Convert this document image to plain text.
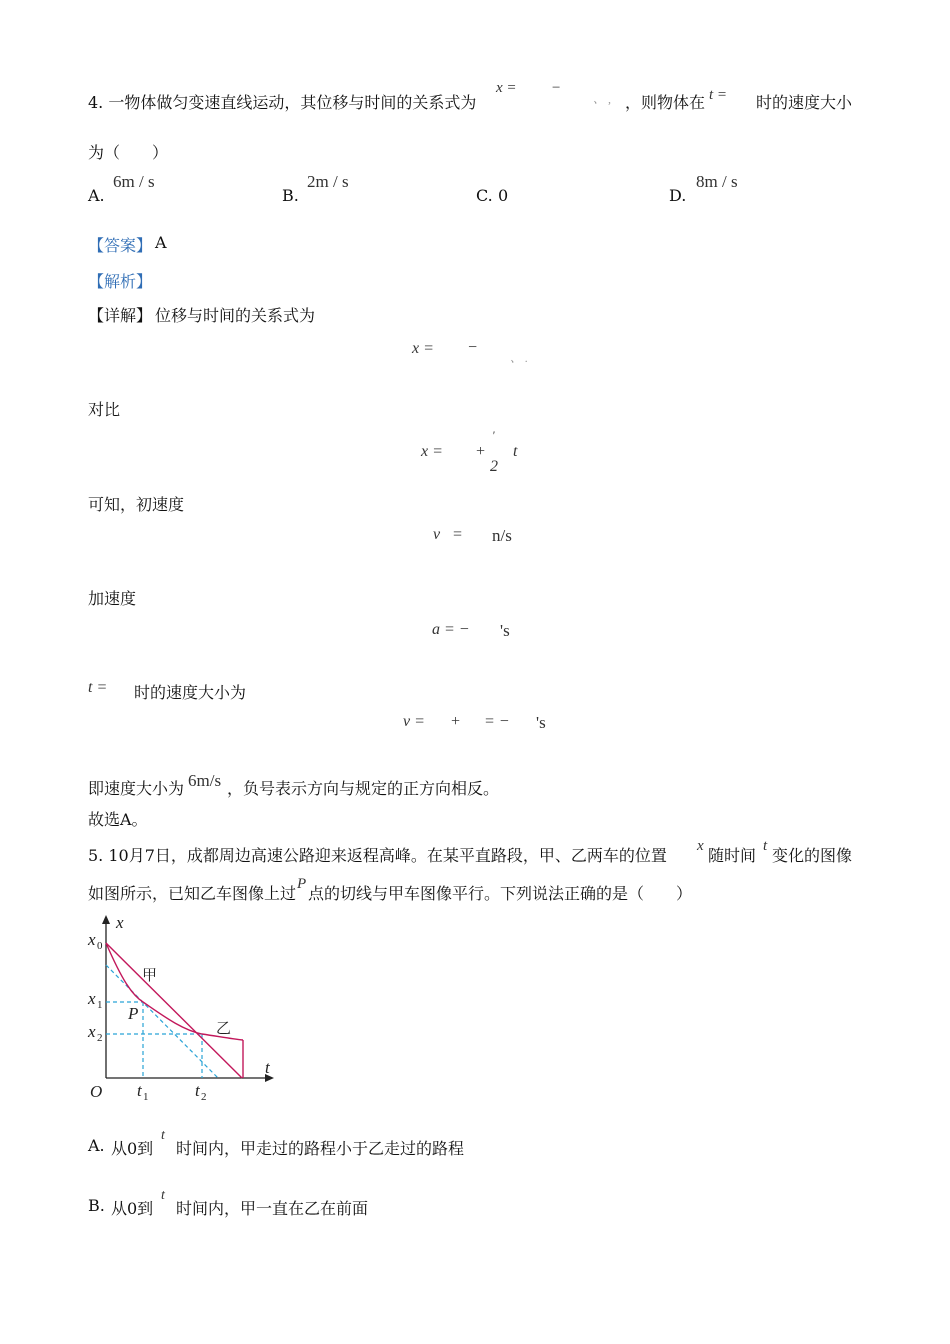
4. 一物体做匀变速直线运动，其位移与时间的关系式为
x = −
、 , ，则物体在 t = 时的速度大小
为（　　）
A.
6m / s
B.
2m / s
C. 0	D.
8m / s
【答案】 A
【解析】
【详解】 位移与时间的关系式为
x = −
、 .
对比
x = +
'
2
t
可知，初速度
v = n/s
加速度
a = − 's
t = 时的速度大小为
v = + = − 's
即速度大小为 6m/s ，负号表示方向与规定的正方向相反。
故选A。
5. 10月7日，成都周边高速公路迎来返程高峰。在某平直路段，甲、乙两车的位置 x 随时间 t 变化的图像
如图所示，已知乙车图像上过 P 点的切线与甲车图像平行。下列说法正确的是（　　）
x
t
O
x 0
x 1
x 2
t 1	t 2
P
甲
乙
A. 从0到
t
时间内，甲走过的路程小于乙走过的路程
B. 从0到
t
时间内，甲一直在乙在前面
